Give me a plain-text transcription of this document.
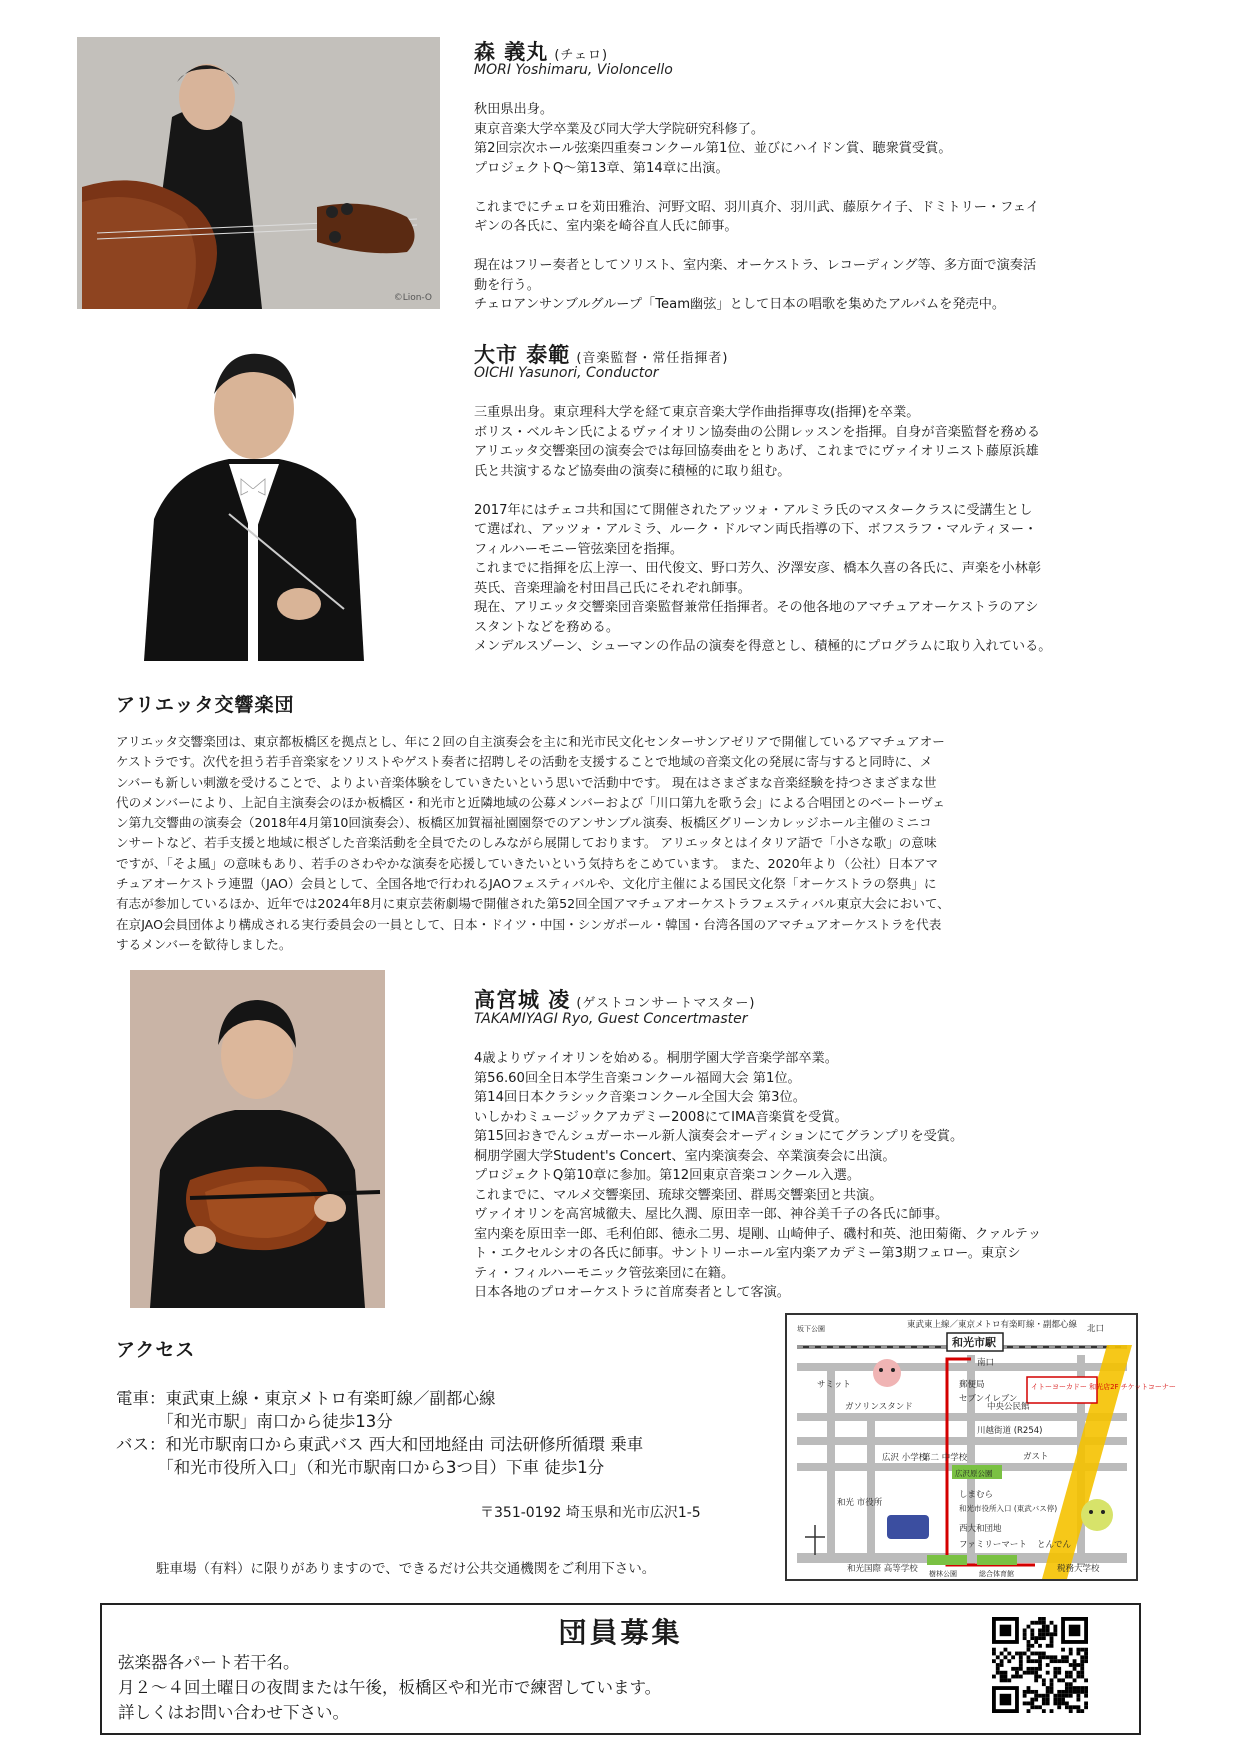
©Lion-O
森 義丸 (チェロ)
MORI Yoshimaru, Violoncello

秋田県出身。

東京音楽大学卒業及び同大学大学院研究科修了。

第2回宗次ホール弦楽四重奏コンクール第1位、並びにハイドン賞、聴衆賞受賞。

プロジェクトQ～第13章、第14章に出演。

これまでにチェロを苅田雅治、河野文昭、羽川真介、羽川武、藤原ケイ子、ドミトリー・フェイ

ギンの各氏に、室内楽を崎谷直人氏に師事。

現在はフリー奏者としてソリスト、室内楽、オーケストラ、レコーディング等、多方面で演奏活

動を行う。

チェロアンサンブルグループ「Team幽弦」として日本の唱歌を集めたアルバムを発売中。

大市 泰範 (音楽監督・常任指揮者)
OICHI Yasunori, Conductor

三重県出身。東京理科大学を経て東京音楽大学作曲指揮専攻(指揮)を卒業。

ボリス・ベルキン氏によるヴァイオリン協奏曲の公開レッスンを指揮。自身が音楽監督を務める

アリエッタ交響楽団の演奏会では毎回協奏曲をとりあげ、これまでにヴァイオリニスト藤原浜雄

氏と共演するなど協奏曲の演奏に積極的に取り組む。

2017年にはチェコ共和国にて開催されたアッツォ・アルミラ氏のマスタークラスに受講生とし

て選ばれ、アッツォ・アルミラ、ルーク・ドルマン両氏指導の下、ボフスラフ・マルティヌー・

フィルハーモニー管弦楽団を指揮。

これまでに指揮を広上淳一、田代俊文、野口芳久、汐澤安彦、橋本久喜の各氏に、声楽を小林彰

英氏、音楽理論を村田昌己氏にそれぞれ師事。

現在、アリエッタ交響楽団音楽監督兼常任指揮者。その他各地のアマチュアオーケストラのアシ

スタントなどを務める。

メンデルスゾーン、シューマンの作品の演奏を得意とし、積極的にプログラムに取り入れている。

アリエッタ交響楽団

アリエッタ交響楽団は、東京都板橋区を拠点とし、年に２回の自主演奏会を主に和光市民文化センターサンアゼリアで開催しているアマチュアオー

ケストラです。次代を担う若手音楽家をソリストやゲスト奏者に招聘しその活動を支援することで地域の音楽文化の発展に寄与すると同時に、メ

ンバーも新しい刺激を受けることで、よりよい音楽体験をしていきたいという思いで活動中です。 現在はさまざまな音楽経験を持つさまざまな世

代のメンバーにより、上記自主演奏会のほか板橋区・和光市と近隣地域の公募メンバーおよび「川口第九を歌う会」による合唱団とのベートーヴェ

ン第九交響曲の演奏会（2018年4月第10回演奏会）、板橋区加賀福祉園園祭でのアンサンブル演奏、板橋区グリーンカレッジホール主催のミニコ

ンサートなど、若手支援と地域に根ざした音楽活動を全員でたのしみながら展開しております。 アリエッタとはイタリア語で「小さな歌」の意味

ですが、「そよ風」の意味もあり、若手のさわやかな演奏を応援していきたいという気持ちをこめています。 また、2020年より（公社）日本アマ

チュアオーケストラ連盟（JAO）会員として、全国各地で行われるJAOフェスティバルや、文化庁主催による国民文化祭「オーケストラの祭典」に

有志が参加しているほか、近年では2024年8月に東京芸術劇場で開催された第52回全国アマチュアオーケストラフェスティバル東京大会において、

在京JAO会員団体より構成される実行委員会の一員として、日本・ドイツ・中国・シンガポール・韓国・台湾各国のアマチュアオーケストラを代表

するメンバーを歓待しました。

高宮城 凌 (ゲストコンサートマスター)
TAKAMIYAGI Ryo, Guest Concertmaster

4歳よりヴァイオリンを始める。桐朋学園大学音楽学部卒業。

第56.60回全日本学生音楽コンクール福岡大会 第1位。

第14回日本クラシック音楽コンクール全国大会 第3位。

いしかわミュージックアカデミー2008にてIMA音楽賞を受賞。

第15回おきでんシュガーホール新人演奏会オーディションにてグランプリを受賞。

桐朋学園大学Student's Concert、室内楽演奏会、卒業演奏会に出演。

プロジェクトQ第10章に参加。第12回東京音楽コンクール入選。

これまでに、マルメ交響楽団、琉球交響楽団、群馬交響楽団と共演。

ヴァイオリンを高宮城徹夫、屋比久潤、原田幸一郎、神谷美千子の各氏に師事。

室内楽を原田幸一郎、毛利伯郎、徳永二男、堤剛、山崎伸子、磯村和英、池田菊衛、クァルテッ

ト・エクセルシオの各氏に師事。サントリーホール室内楽アカデミー第3期フェロー。東京シ

ティ・フィルハーモニック管弦楽団に在籍。

日本各地のプロオーケストラに首席奏者として客演。

アクセス

電車：東武東上線・東京メトロ有楽町線／副都心線

　　　「和光市駅」南口から徒歩13分

バス：和光市駅南口から東武バス 西大和団地経由 司法研修所循環 乗車

　　　「和光市役所入口」（和光市駅南口から3つ目）下車 徒歩1分

〒351-0192 埼玉県和光市広沢1-5
駐車場（有料）に限りがありますので、できるだけ公共交通機関をご利用下さい。
東武東上線／東京メトロ有楽町線・副都心線
和光市駅
南口
北口
イトーヨーカドー 和光店2F チケットコーナー
サミット	郵便局
セブンイレブン
ガソリンスタンド	中央公民館
川越街道 (R254)
広沢原公園
ガスト
広沢 小学校
第二 中学校
しまむら
和光市役所入口 (東武バス停)
和光 市役所
西大和団地
ファミリーマート とんでん
和光国際 高等学校 樹林公園	総合体育館	税務大学校
坂下公園
団員募集
弦楽器各パート若干名。
月２～４回土曜日の夜間または午後，板橋区や和光市で練習しています。
詳しくはお問い合わせ下さい。
